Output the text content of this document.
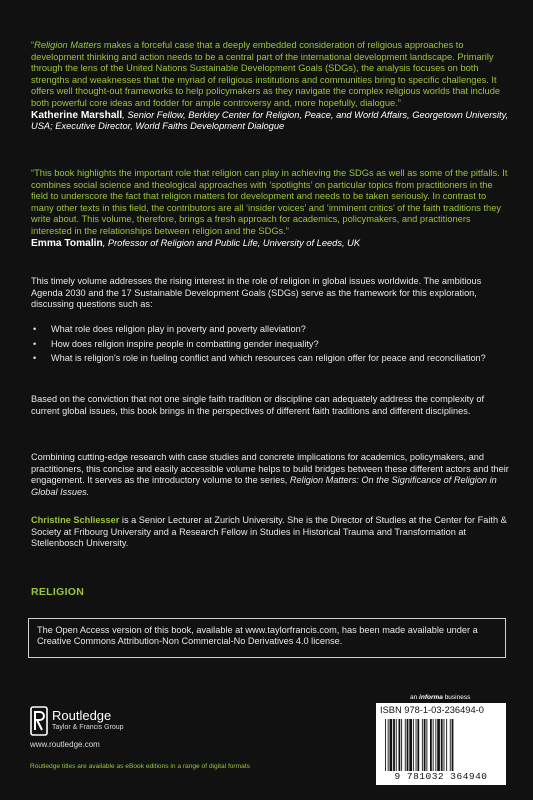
“Religion Matters makes a forceful case that a deeply embedded consideration of religious approaches to development thinking and action needs to be a central part of the international development landscape. Primarily through the lens of the United Nations Sustainable Development Goals (SDGs), the analysis focuses on both strengths and weaknesses that the myriad of religious institutions and communities bring to specific challenges. It offers well thought-out frameworks to help policymakers as they navigate the complex religious worlds that include both powerful core ideas and fodder for ample controversy and, more hopefully, dialogue.”
Katherine Marshall, Senior Fellow, Berkley Center for Religion, Peace, and World Affairs, Georgetown University, USA; Executive Director, World Faiths Development Dialogue
“This book highlights the important role that religion can play in achieving the SDGs as well as some of the pitfalls. It combines social science and theological approaches with ‘spotlights’ on particular topics from practitioners in the field to underscore the fact that religion matters for development and needs to be taken seriously. In contrast to many other texts in this field, the contributors are all ‘insider voices’ and ‘imminent critics’ of the faith traditions they write about. This volume, therefore, brings a fresh approach for academics, policymakers, and practitioners interested in the relationships between religion and the SDGs.”
Emma Tomalin, Professor of Religion and Public Life, University of Leeds, UK
This timely volume addresses the rising interest in the role of religion in global issues worldwide. The ambitious Agenda 2030 and the 17 Sustainable Development Goals (SDGs) serve as the framework for this exploration, discussing questions such as:
• What role does religion play in poverty and poverty alleviation?
• How does religion inspire people in combatting gender inequality?
• What is religion’s role in fueling conflict and which resources can religion offer for peace and reconciliation?
Based on the conviction that not one single faith tradition or discipline can adequately address the complexity of current global issues, this book brings in the perspectives of different faith traditions and different disciplines.
Combining cutting-edge research with case studies and concrete implications for academics, policymakers, and practitioners, this concise and easily accessible volume helps to build bridges between these different actors and their engagement. It serves as the introductory volume to the series, Religion Matters: On the Significance of Religion in Global Issues.
Christine Schliesser is a Senior Lecturer at Zurich University. She is the Director of Studies at the Center for Faith & Society at Fribourg University and a Research Fellow in Studies in Historical Trauma and Transformation at Stellenbosch University.
RELIGION
The Open Access version of this book, available at www.taylorfrancis.com, has been made available under a Creative Commons Attribution-Non Commercial-No Derivatives 4.0 license.
an informa business
Routledge
Taylor & Francis Group
www.routledge.com
Routledge titles are available as eBook editions in a range of digital formats
ISBN 978-1-03-236494-0
9 781032 364940
